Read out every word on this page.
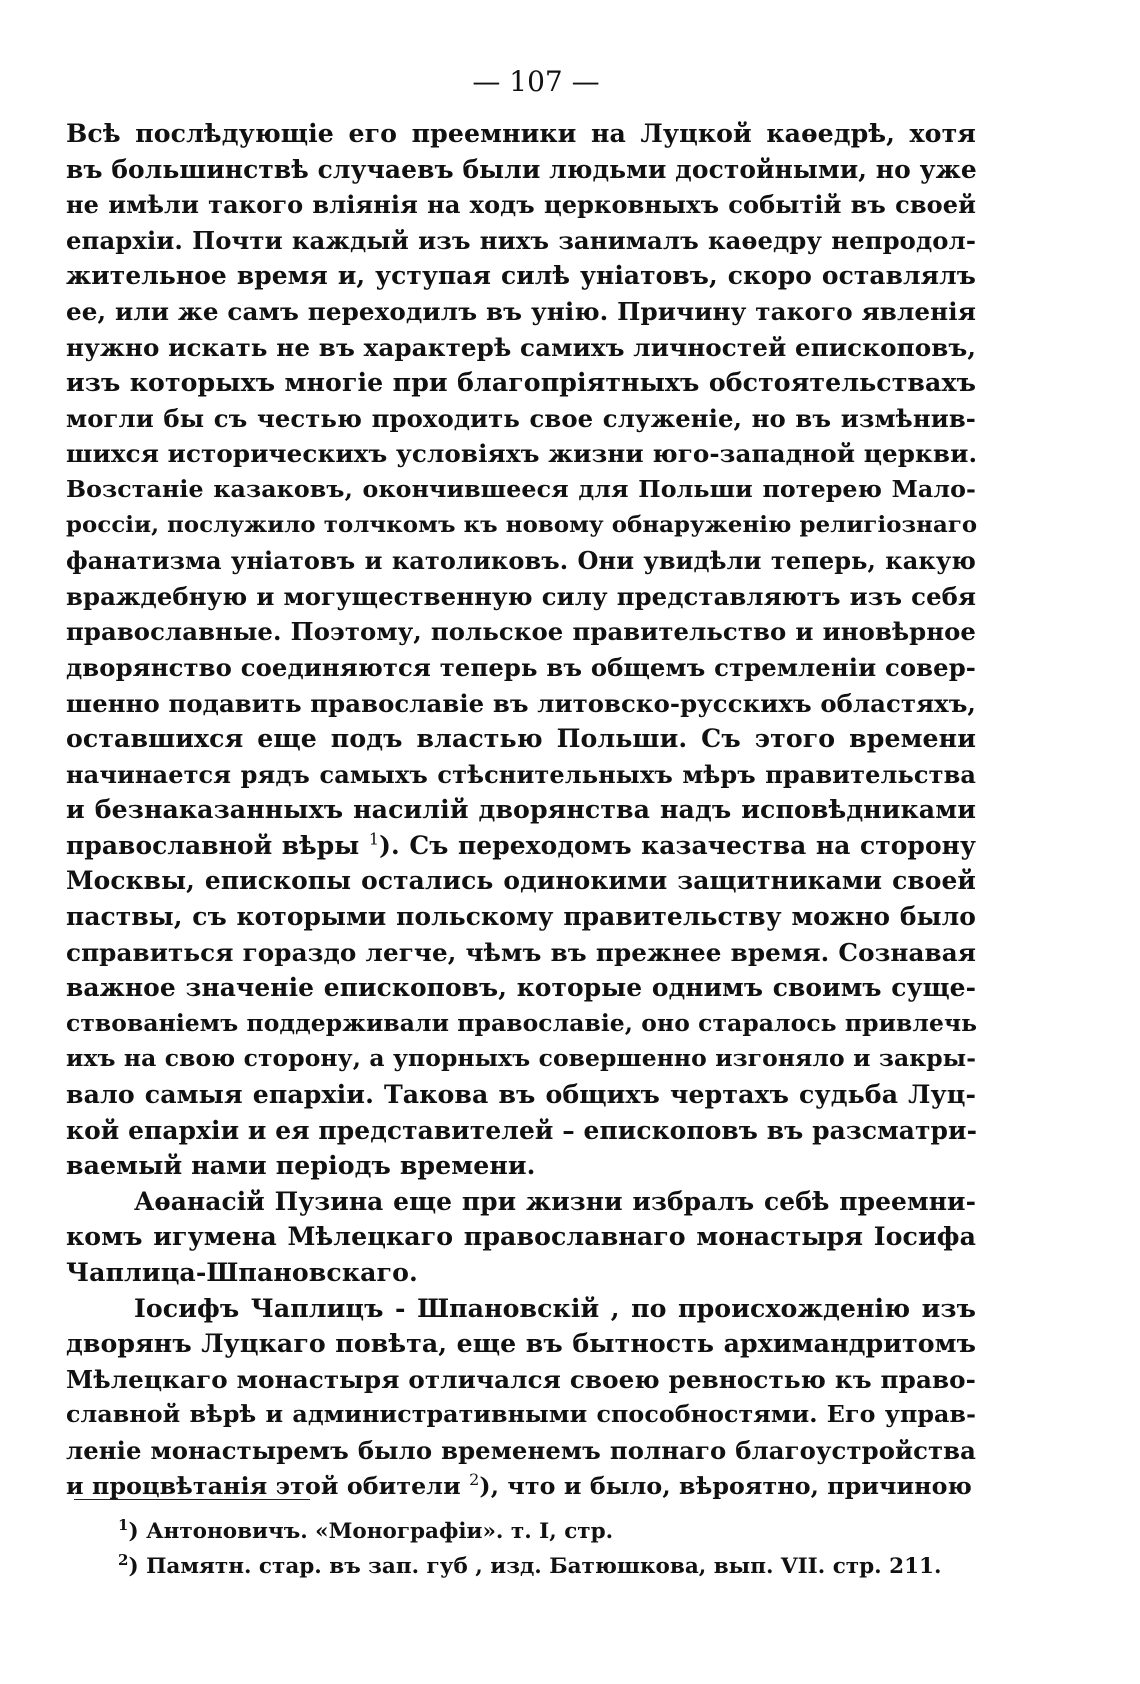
— 107 —
Всѣ послѣдующіе его преемники на Луцкой каѳедрѣ, хотя
въ большинствѣ случаевъ были людьми достойными, но уже
не имѣли такого вліянія на ходъ церковныхъ событій въ своей
епархіи. Почти каждый изъ нихъ занималъ каѳедру непродол-
жительное время и, уступая силѣ уніатовъ, скоро оставлялъ
ее, или же самъ переходилъ въ унію. Причину такого явленія
нужно искать не въ характерѣ самихъ личностей епископовъ,
изъ которыхъ многіе при благопріятныхъ обстоятельствахъ
могли бы съ честью проходить свое служеніе, но въ измѣнив-
шихся историческихъ условіяхъ жизни юго-западной церкви.
Возстаніе казаковъ, окончившееся для Польши потерею Мало-
россіи, послужило толчкомъ къ новому обнаруженію религіознаго
фанатизма уніатовъ и католиковъ. Они увидѣли теперь, какую
враждебную и могущественную силу представляютъ изъ себя
православные. Поэтому, польское правительство и иновѣрное
дворянство соединяются теперь въ общемъ стремленіи совер-
шенно подавить православіе въ литовско-русскихъ областяхъ,
оставшихся еще подъ властью Польши. Съ этого времени
начинается рядъ самыхъ стѣснительныхъ мѣръ правительства
и безнаказанныхъ насилій дворянства надъ исповѣдниками
православной вѣры $^1$). Съ переходомъ казачества на сторону
Москвы, епископы остались одинокими защитниками своей
паствы, съ которыми польскому правительству можно было
справиться гораздо легче, чѣмъ въ прежнее время. Сознавая
важное значеніе епископовъ, которые однимъ своимъ суще-
ствованіемъ поддерживали православіе, оно старалось привлечь
ихъ на свою сторону, а упорныхъ совершенно изгоняло и закры-
вало самыя епархіи. Такова въ общихъ чертахъ судьба Луц-
кой епархіи и ея представителей – епископовъ въ разсматри-
ваемый нами періодъ времени.
Аѳанасій Пузина еще при жизни избралъ себѣ преемни-
комъ игумена Мѣлецкаго православнаго монастыря Іосифа
Чаплица-Шпановскаго.
Іосифъ Чаплицъ - Шпановскій , по происхожденію изъ
дворянъ Луцкаго повѣта, еще въ бытность архимандритомъ
Мѣлецкаго монастыря отличался своею ревностью къ право-
славной вѣрѣ и административными способностями. Его управ-
леніе монастыремъ было временемъ полнаго благоустройства
и процвѣтанія этой обители $^2$), что и было, вѣроятно, причиною
$^1$) Антоновичъ. «Монографіи». т. I, стр.
$^2$) Памятн. стар. въ зап. губ , изд. Батюшкова, вып. VII. стр. 211.
